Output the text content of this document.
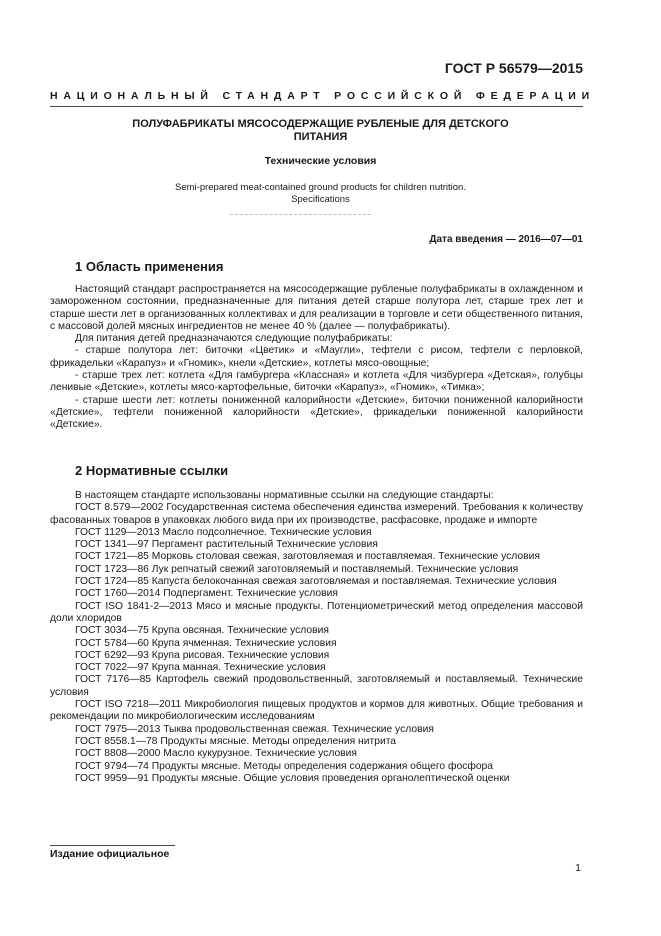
ГОСТ Р 56579—2015
НАЦИОНАЛЬНЫЙ СТАНДАРТ РОССИЙСКОЙ ФЕДЕРАЦИИ
ПОЛУФАБРИКАТЫ МЯСОСОДЕРЖАЩИЕ РУБЛЕНЫЕ ДЛЯ ДЕТСКОГО ПИТАНИЯ
Технические условия
Semi-prepared meat-contained ground products for children nutrition.
Specifications
Дата введения — 2016—07—01
1 Область применения

Настоящий стандарт распространяется на мясосодержащие рубленые полуфабрикаты в охлажденном и замороженном состоянии, предназначенные для питания детей старше полутора лет, старше трех лет и старше шести лет в организованных коллективах и для реализации в торговле и сети общественного питания, с массовой долей мясных ингредиентов не менее 40 % (далее — полуфабрикаты).

Для питания детей предназначаются следующие полуфабрикаты:

- старше полутора лет: биточки «Цветик» и «Маугли», тефтели с рисом, тефтели с перловкой, фрикадельки «Карапуз» и «Гномик», кнели «Детские», котлеты мясо-овощные;

- старше трех лет: котлета «Для гамбургера «Классная» и котлета «Для чизбургера «Детская», голубцы ленивые «Детские», котлеты мясо-картофельные, биточки «Карапуз», «Гномик», «Тимка»;

- старше шести лет: котлеты пониженной калорийности «Детские», биточки пониженной калорийности «Детские», тефтели пониженной калорийности «Детские», фрикадельки пониженной калорийности «Детские».

2 Нормативные ссылки

В настоящем стандарте использованы нормативные ссылки на следующие стандарты:

ГОСТ 8.579—2002 Государственная система обеспечения единства измерений. Требования к количеству фасованных товаров в упаковках любого вида при их производстве, расфасовке, продаже и импорте

ГОСТ 1129—2013 Масло подсолнечное. Технические условия

ГОСТ 1341—97 Пергамент растительный Технические условия

ГОСТ 1721—85 Морковь столовая свежая, заготовляемая и поставляемая. Технические условия

ГОСТ 1723—86 Лук репчатый свежий заготовляемый и поставляемый. Технические условия

ГОСТ 1724—85 Капуста белокочанная свежая заготовляемая и поставляемая. Технические условия

ГОСТ 1760—2014 Подпергамент. Технические условия

ГОСТ ISO 1841-2—2013 Мясо и мясные продукты. Потенциометрический метод определения массовой доли хлоридов

ГОСТ 3034—75 Крупа овсяная. Технические условия

ГОСТ 5784—60 Крупа ячменная. Технические условия

ГОСТ 6292—93 Крупа рисовая. Технические условия

ГОСТ 7022—97 Крупа манная. Технические условия

ГОСТ 7176—85 Картофель свежий продовольственный, заготовляемый и поставляемый. Технические условия

ГОСТ ISO 7218—2011 Микробиология пищевых продуктов и кормов для животных. Общие требования и рекомендации по микробиологическим исследованиям

ГОСТ 7975—2013 Тыква продовольственная свежая. Технические условия

ГОСТ 8558.1—78 Продукты мясные. Методы определения нитрита

ГОСТ 8808—2000 Масло кукурузное. Технические условия

ГОСТ 9794—74 Продукты мясные. Методы определения содержания общего фосфора

ГОСТ 9959—91 Продукты мясные. Общие условия проведения органолептической оценки

Издание официальное
1
